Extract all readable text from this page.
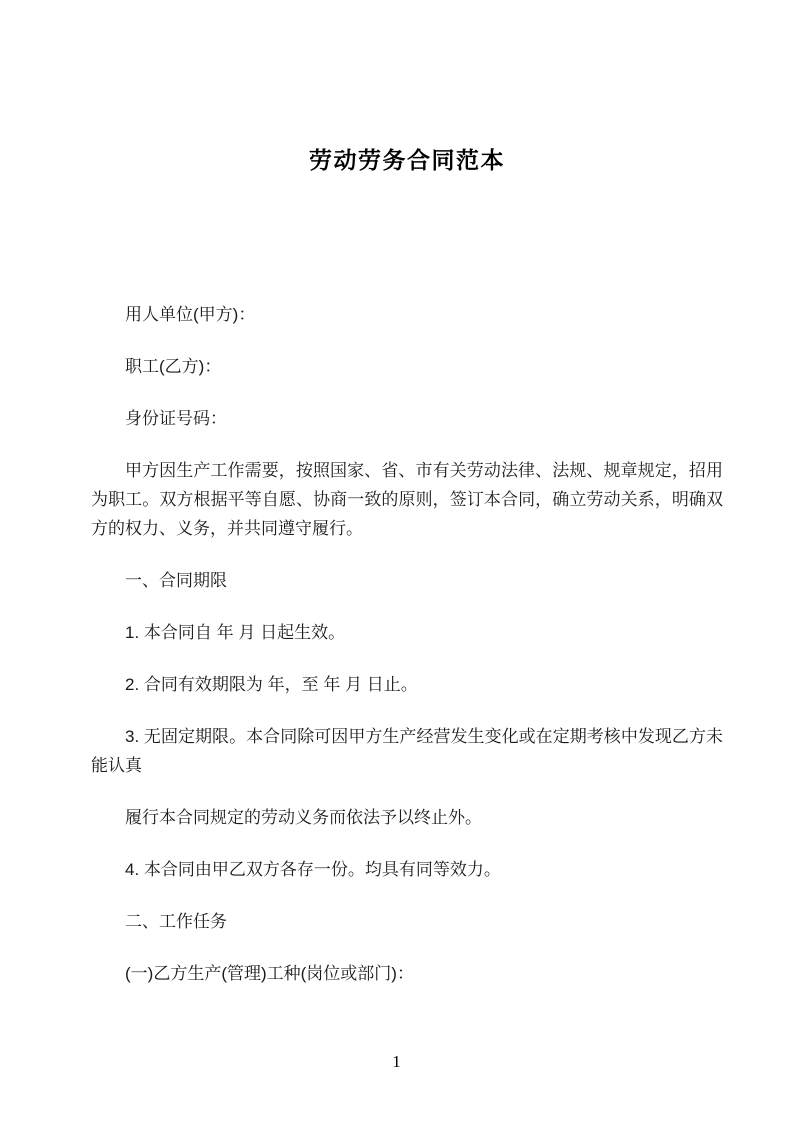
劳动劳务合同范本

用人单位(甲方)：

职工(乙方)：

身份证号码：

甲方因生产工作需要，按照国家、省、市有关劳动法律、法规、规章规定，招用为职工。双方根据平等自愿、协商一致的原则，签订本合同，确立劳动关系，明确双方的权力、义务，并共同遵守履行。

一、合同期限

1. 本合同自 年 月 日起生效。

2. 合同有效期限为 年，至 年 月 日止。

3. 无固定期限。本合同除可因甲方生产经营发生变化或在定期考核中发现乙方未能认真

履行本合同规定的劳动义务而依法予以终止外。

4. 本合同由甲乙双方各存一份。均具有同等效力。

二、工作任务

(一)乙方生产(管理)工种(岗位或部门)：

1
